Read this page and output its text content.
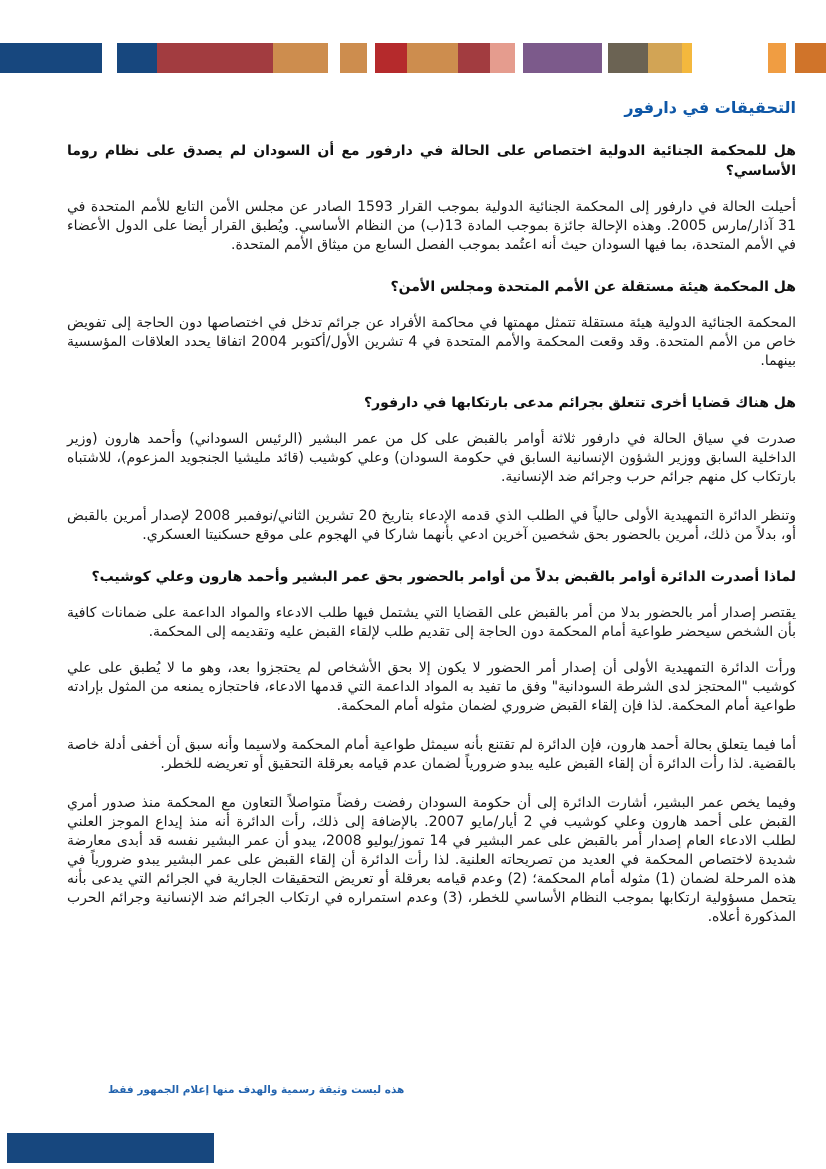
التحقيقات في دارفور
هل للمحكمة الجنائية الدولية اختصاص على الحالة في دارفور مع أن السودان لم يصدق على نظام روما الأساسي؟

أحيلت الحالة في دارفور إلى المحكمة الجنائية الدولية بموجب القرار 1593 الصادر عن مجلس الأمن التابع للأمم المتحدة في 31 آذار/مارس 2005. وهذه الإحالة جائزة بموجب المادة 13(ب) من النظام الأساسي. ويُطبق القرار أيضا على الدول الأعضاء في الأمم المتحدة، بما فيها السودان حيث أنه اعتُمد بموجب الفصل السابع من ميثاق الأمم المتحدة.

هل المحكمة هيئة مستقلة عن الأمم المتحدة ومجلس الأمن؟

المحكمة الجنائية الدولية هيئة مستقلة تتمثل مهمتها في محاكمة الأفراد عن جرائم تدخل في اختصاصها دون الحاجة إلى تفويض خاص من الأمم المتحدة. وقد وقعت المحكمة والأمم المتحدة في 4 تشرين الأول/أكتوبر 2004 اتفاقا يحدد العلاقات المؤسسية بينهما.

هل هناك قضايا أخرى تتعلق بجرائم مدعى بارتكابها في دارفور؟

صدرت في سياق الحالة في دارفور ثلاثة أوامر بالقبض على كل من عمر البشير (الرئيس السوداني) وأحمد هارون (وزير الداخلية السابق ووزير الشؤون الإنسانية السابق في حكومة السودان) وعلي كوشيب (قائد مليشيا الجنجويد المزعوم)، للاشتباه بارتكاب كل منهم جرائم حرب وجرائم ضد الإنسانية.

وتنظر الدائرة التمهيدية الأولى حالياً في الطلب الذي قدمه الإدعاء بتاريخ 20 تشرين الثاني/نوفمبر 2008 لإصدار أمرين بالقبض أو، بدلاً من ذلك، أمرين بالحضور بحق شخصين آخرين ادعي بأنهما شاركا في الهجوم على موقع حسكنيتا العسكري.

لماذا أصدرت الدائرة أوامر بالقبض بدلاً من أوامر بالحضور بحق عمر البشير وأحمد هارون وعلي كوشيب؟

يقتصر إصدار أمر بالحضور بدلا من أمر بالقبض على القضايا التي يشتمل فيها طلب الادعاء والمواد الداعمة على ضمانات كافية بأن الشخص سيحضر طواعية أمام المحكمة دون الحاجة إلى تقديم طلب لإلقاء القبض عليه وتقديمه إلى المحكمة.

ورأت الدائرة التمهيدية الأولى أن إصدار أمر الحضور لا يكون إلا بحق الأشخاص لم يحتجزوا بعد، وهو ما لا يُطبق على علي كوشيب "المحتجز لدى الشرطة السودانية" وفق ما تفيد به المواد الداعمة التي قدمها الادعاء، فاحتجازه يمنعه من المثول بإرادته طواعية أمام المحكمة. لذا فإن إلقاء القبض ضروري لضمان مثوله أمام المحكمة.

أما فيما يتعلق بحالة أحمد هارون، فإن الدائرة لم تقتنع بأنه سيمثل طواعية أمام المحكمة ولاسيما وأنه سبق أن أخفى أدلة خاصة بالقضية. لذا رأت الدائرة أن إلقاء القبض عليه يبدو ضرورياً لضمان عدم قيامه بعرقلة التحقيق أو تعريضه للخطر.

وفيما يخص عمر البشير، أشارت الدائرة إلى أن حكومة السودان رفضت رفضاً متواصلاً التعاون مع المحكمة منذ صدور أمري القبض على أحمد هارون وعلي كوشيب في 2 أيار/مايو 2007. بالإضافة إلى ذلك، رأت الدائرة أنه منذ إيداع الموجز العلني لطلب الادعاء العام إصدار أمر بالقبض على عمر البشير في 14 تموز/يوليو 2008، يبدو أن عمر البشير نفسه قد أبدى معارضة شديدة لاختصاص المحكمة في العديد من تصريحاته العلنية. لذا رأت الدائرة أن إلقاء القبض على عمر البشير يبدو ضرورياً في هذه المرحلة لضمان (1) مثوله أمام المحكمة؛ (2) وعدم قيامه بعرقلة أو تعريض التحقيقات الجارية في الجرائم التي يدعى بأنه يتحمل مسؤولية ارتكابها بموجب النظام الأساسي للخطر، (3) وعدم استمراره في ارتكاب الجرائم ضد الإنسانية وجرائم الحرب المذكورة أعلاه.

هذه ليست وثيقة رسمية والهدف منها إعلام الجمهور فقط
